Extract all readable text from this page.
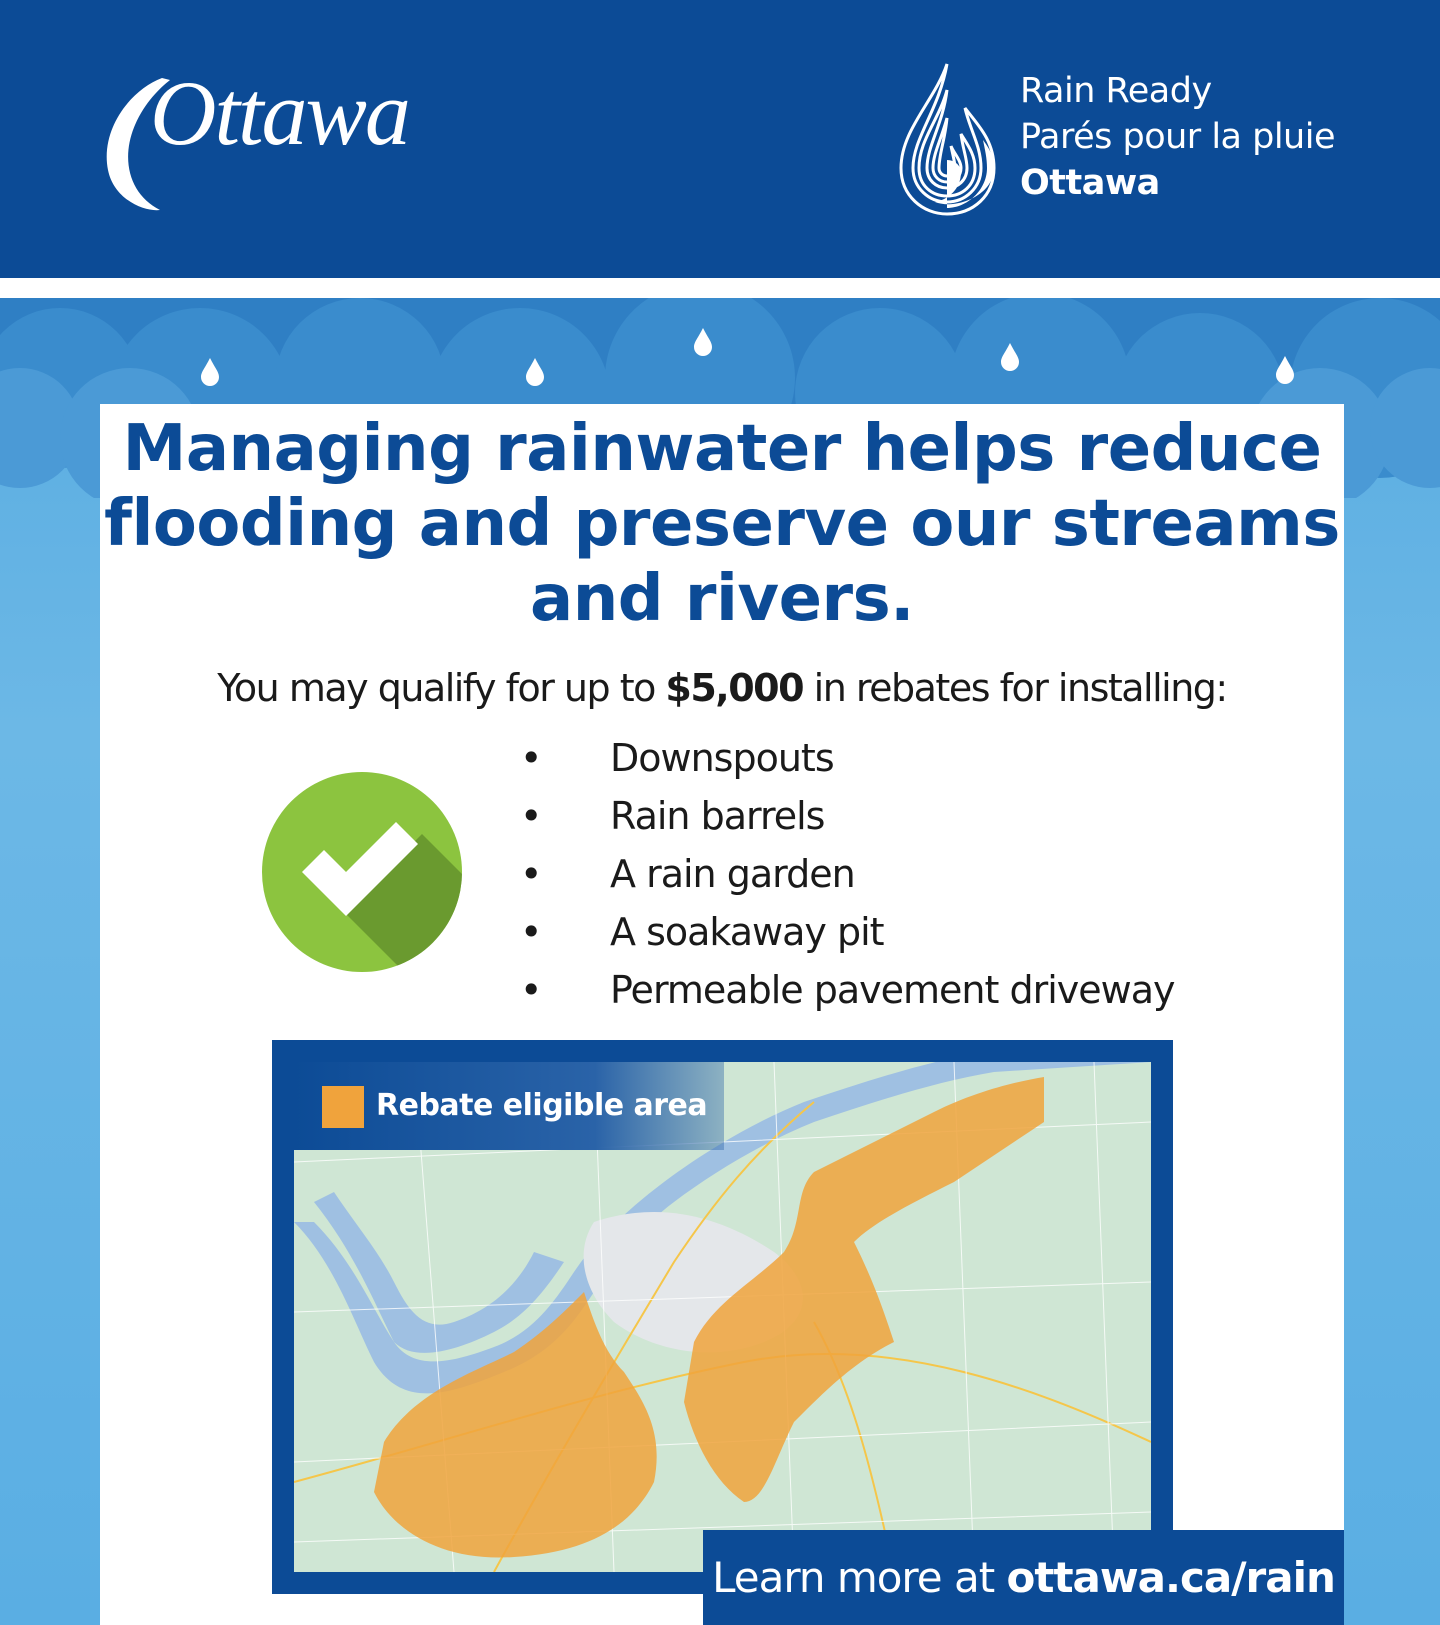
Ottawa	Rain Ready
Parés pour la pluie
Ottawa
Managing rainwater helps reduce flooding and preserve our streams and rivers.
You may qualify for up to $5,000 in rebates for installing:
• Downspouts
• Rain barrels
• A rain garden
• A soakaway pit
• Permeable pavement driveway
Rebate eligible area
Learn more at ottawa.ca/rain
